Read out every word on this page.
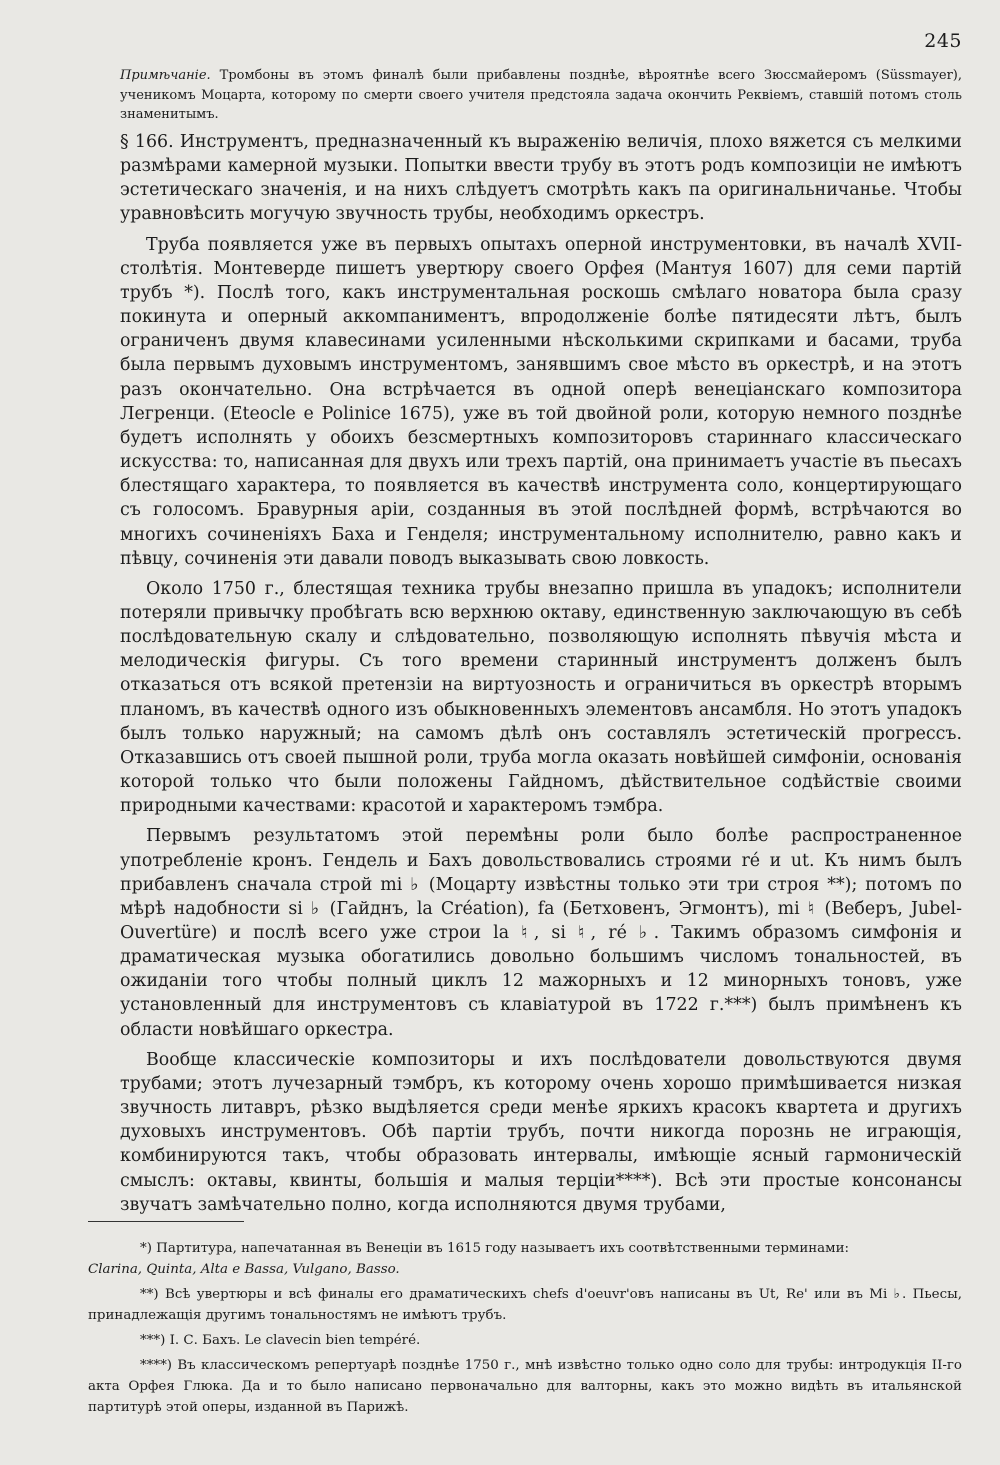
245
Примѣчаніе. Тромбоны въ этомъ финалѣ были прибавлены позднѣе, вѣроятнѣе всего Зюссмайеромъ (Süssmayer), ученикомъ Моцарта, которому по смерти своего учителя предстояла задача окончить Реквіемъ, ставшій потомъ столь знаменитымъ.

§ 166. Инструментъ, предназначенный къ выраженію величія, плохо вяжется съ мелкими размѣрами камерной музыки. Попытки ввести трубу въ этотъ родъ композиціи не имѣютъ эстетическаго значенія, и на нихъ слѣдуетъ смотрѣть какъ па оригинальничанье. Чтобы уравновѣсить могучую звучность трубы, необходимъ оркестръ.

Труба появляется уже въ первыхъ опытахъ оперной инструментовки, въ началѣ XVII-столѣтія. Монтеверде пишетъ увертюру своего Орфея (Мантуя 1607) для семи партій трубъ *). Послѣ того, какъ инструментальная роскошь смѣлаго новатора была сразу покинута и оперный аккомпаниментъ, впродолженіе болѣе пятидесяти лѣтъ, былъ ограниченъ двумя клавесинами усиленными нѣсколькими скрипками и басами, труба была первымъ духовымъ инструментомъ, занявшимъ свое мѣсто въ оркестрѣ, и на этотъ разъ окончательно. Она встрѣчается въ одной оперѣ венеціанскаго композитора Легренци. (Eteocle e Polinice 1675), уже въ той двойной роли, которую немного позднѣе будетъ исполнять у обоихъ безсмертныхъ композиторовъ стариннаго классическаго искусства: то, написанная для двухъ или трехъ партій, она принимаетъ участіе въ пьесахъ блестящаго характера, то появляется въ качествѣ инструмента соло, концертирующаго съ голосомъ. Бравурныя аріи, созданныя въ этой послѣдней формѣ, встрѣчаются во многихъ сочиненіяхъ Баха и Генделя; инструментальному исполнителю, равно какъ и пѣвцу, сочиненія эти давали поводъ выказывать свою ловкость.

Около 1750 г., блестящая техника трубы внезапно пришла въ упадокъ; исполнители потеряли привычку пробѣгать всю верхнюю октаву, единственную заключающую въ себѣ послѣдовательную скалу и слѣдовательно, позволяющую исполнять пѣвучія мѣста и мелодическія фигуры. Съ того времени старинный инструментъ долженъ былъ отказаться отъ всякой претензіи на виртуозность и ограничиться въ оркестрѣ вторымъ планомъ, въ качествѣ одного изъ обыкновенныхъ элементовъ ансамбля. Но этотъ упадокъ былъ только наружный; на самомъ дѣлѣ онъ составлялъ эстетическій прогрессъ. Отказавшись отъ своей пышной роли, труба могла оказать новѣйшей симфоніи, основанія которой только что были положены Гайдномъ, дѣйствительное содѣйствіе своими природными качествами: красотой и характеромъ тэмбра.

Первымъ результатомъ этой перемѣны роли было болѣе распространенное употребленіе кронъ. Гендель и Бахъ довольствовались строями ré и ut. Къ нимъ былъ прибавленъ сначала строй mi ♭ (Моцарту извѣстны только эти три строя **); потомъ по мѣрѣ надобности si ♭ (Гайднъ, la Création), fa (Бетховенъ, Эгмонтъ), mi ♮ (Веберъ, Jubel-Ouvertüre) и послѣ всего уже строи la ♮, si ♮, ré ♭. Такимъ образомъ симфонія и драматическая музыка обогатились довольно большимъ числомъ тональностей, въ ожиданіи того чтобы полный циклъ 12 мажорныхъ и 12 минорныхъ тоновъ, уже установленный для инструментовъ съ клавіатурой въ 1722 г.***) былъ примѣненъ къ области новѣйшаго оркестра.

Вообще классическіе композиторы и ихъ послѣдователи довольствуются двумя трубами; этотъ лучезарный тэмбръ, къ которому очень хорошо примѣшивается низкая звучность литавръ, рѣзко выдѣляется среди менѣе яркихъ красокъ квартета и другихъ духовыхъ инструментовъ. Обѣ партіи трубъ, почти никогда порознь не играющія, комбинируются такъ, чтобы образовать интервалы, имѣющіе ясный гармоническій смыслъ: октавы, квинты, большія и малыя терціи****). Всѣ эти простые консонансы звучатъ замѣчательно полно, когда исполняются двумя трубами,

*) Партитура, напечатанная въ Венеціи въ 1615 году называетъ ихъ соотвѣтственными терминами:
Clarina, Quinta, Alta e Bassa, Vulgano, Basso.

**) Всѣ увертюры и всѣ финалы его драматическихъ chefs d'oeuvr'овъ написаны въ Ut, Re' или въ Mi ♭. Пьесы, принадлежащія другимъ тональностямъ не имѣютъ трубъ.

***) I. С. Бахъ. Le clavecin bien tempéré.

****) Въ классическомъ репертуарѣ позднѣе 1750 г., мнѣ извѣстно только одно соло для трубы: интродукція II-го акта Орфея Глюка. Да и то было написано первоначально для валторны, какъ это можно видѣть въ итальянской партитурѣ этой оперы, изданной въ Парижѣ.
